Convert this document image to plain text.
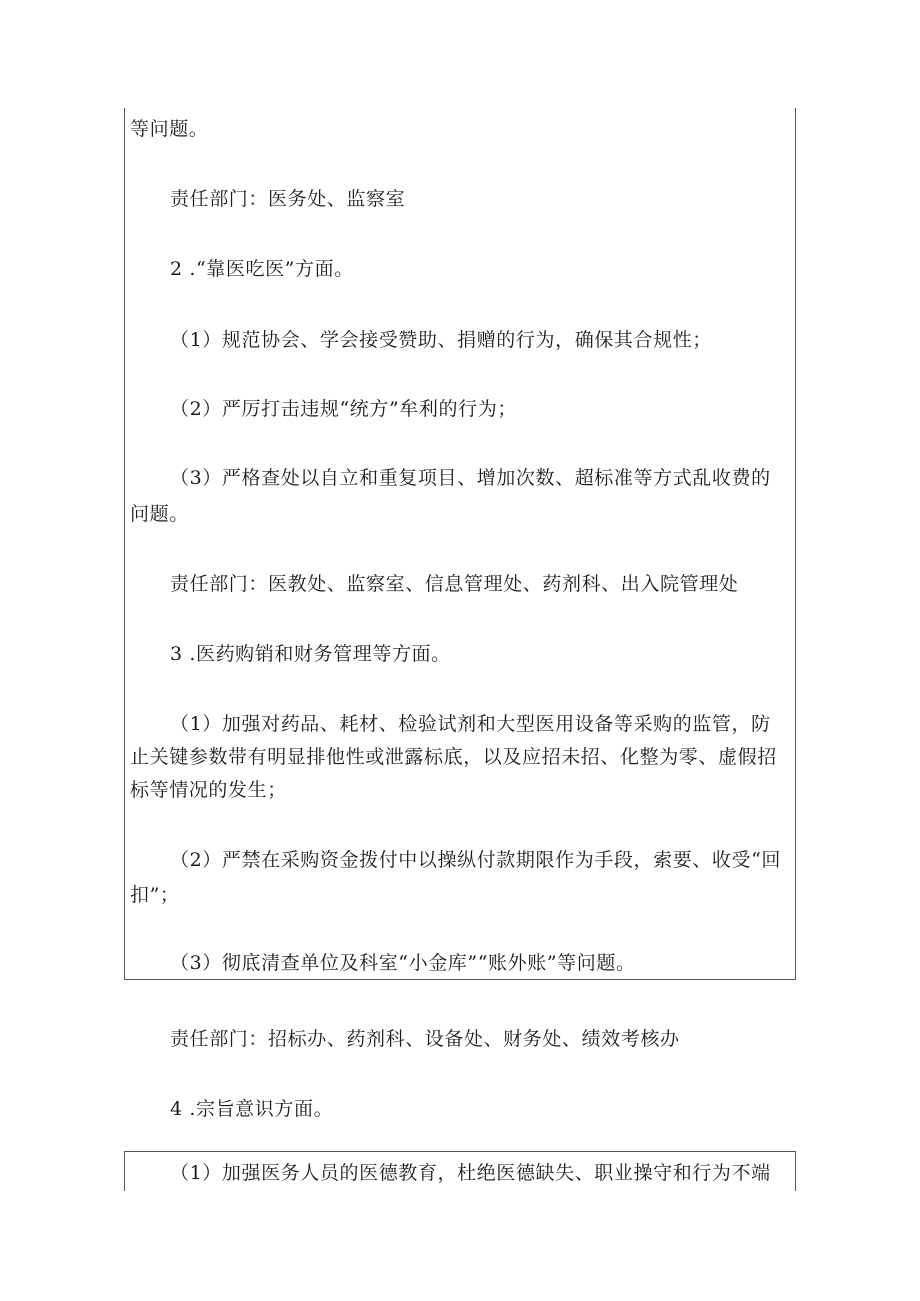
等问题。

责任部门：医务处、监察室

2 .“靠医吃医”方面。

（1）规范协会、学会接受赞助、捐赠的行为，确保其合规性；

（2）严厉打击违规“统方”牟利的行为；

（3）严格查处以自立和重复项目、增加次数、超标准等方式乱收费的

问题。

责任部门：医教处、监察室、信息管理处、药剂科、出入院管理处

3 .医药购销和财务管理等方面。

（1）加强对药品、耗材、检验试剂和大型医用设备等采购的监管，防

止关键参数带有明显排他性或泄露标底，以及应招未招、化整为零、虚假招

标等情况的发生；

（2）严禁在采购资金拨付中以操纵付款期限作为手段，索要、收受“回

扣”；

（3）彻底清查单位及科室“小金库”“账外账”等问题。

责任部门：招标办、药剂科、设备处、财务处、绩效考核办

4 .宗旨意识方面。

（1）加强医务人员的医德教育，杜绝医德缺失、职业操守和行为不端
